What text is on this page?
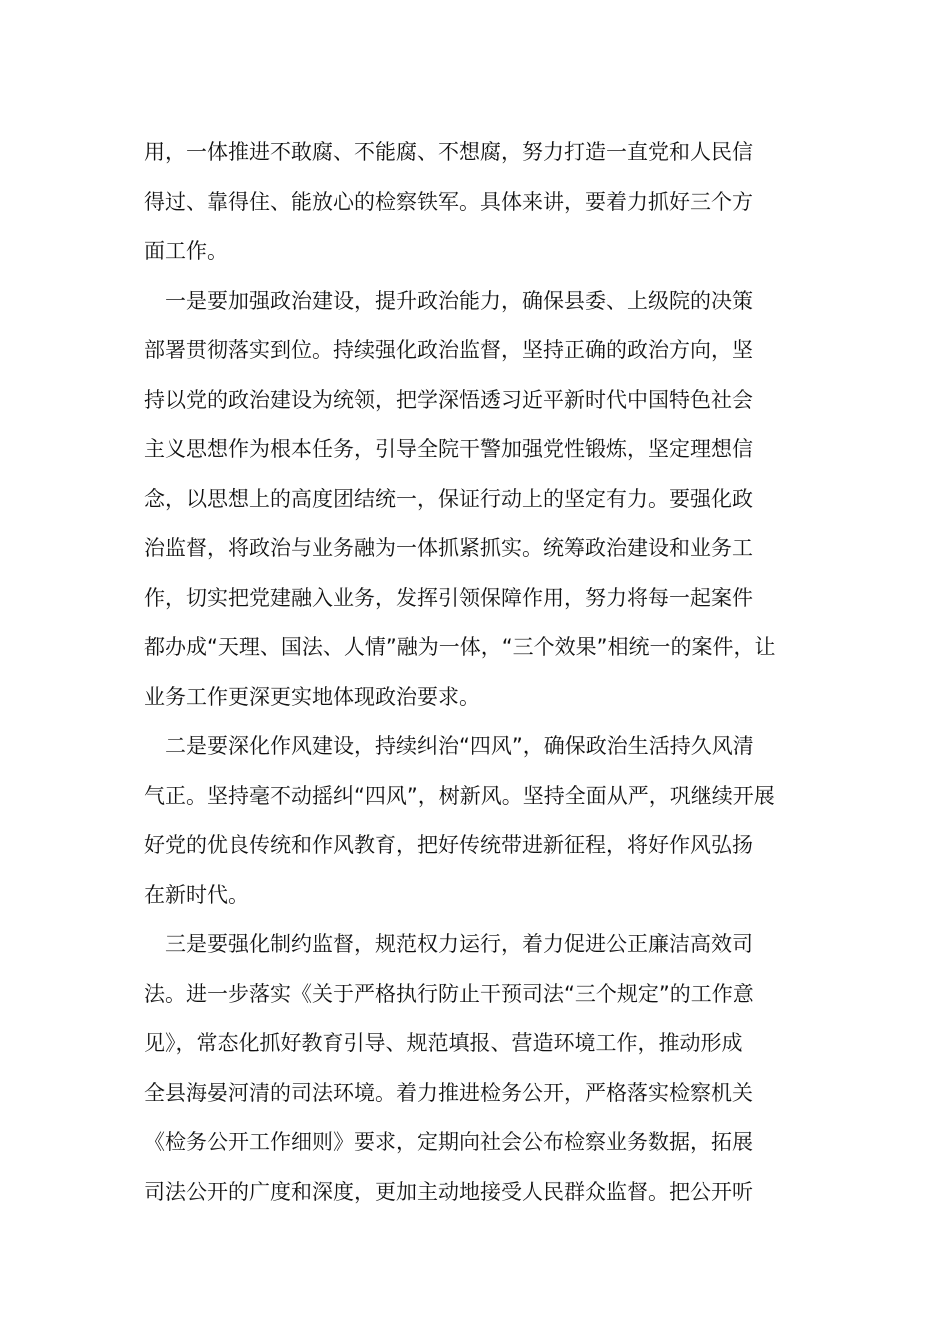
用，一体推进不敢腐、不能腐、不想腐，努力打造一直党和人民信
得过、靠得住、能放心的检察铁军。具体来讲，要着力抓好三个方
面工作。
　一是要加强政治建设，提升政治能力，确保县委、上级院的决策
部署贯彻落实到位。持续强化政治监督，坚持正确的政治方向，坚
持以党的政治建设为统领，把学深悟透习近平新时代中国特色社会
主义思想作为根本任务，引导全院干警加强党性锻炼，坚定理想信
念，以思想上的高度团结统一，保证行动上的坚定有力。要强化政
治监督，将政治与业务融为一体抓紧抓实。统筹政治建设和业务工
作，切实把党建融入业务，发挥引领保障作用，努力将每一起案件
都办成“天理、国法、人情”融为一体，“三个效果”相统一的案件，让
业务工作更深更实地体现政治要求。
　二是要深化作风建设，持续纠治“四风”，确保政治生活持久风清
气正。坚持毫不动摇纠“四风”，树新风。坚持全面从严，巩继续开展
好党的优良传统和作风教育，把好传统带进新征程，将好作风弘扬
在新时代。
　三是要强化制约监督，规范权力运行，着力促进公正廉洁高效司
法。进一步落实《关于严格执行防止干预司法“三个规定”的工作意
见》，常态化抓好教育引导、规范填报、营造环境工作，推动形成
全县海晏河清的司法环境。着力推进检务公开，严格落实检察机关
《检务公开工作细则》要求，定期向社会公布检察业务数据，拓展
司法公开的广度和深度，更加主动地接受人民群众监督。把公开听
